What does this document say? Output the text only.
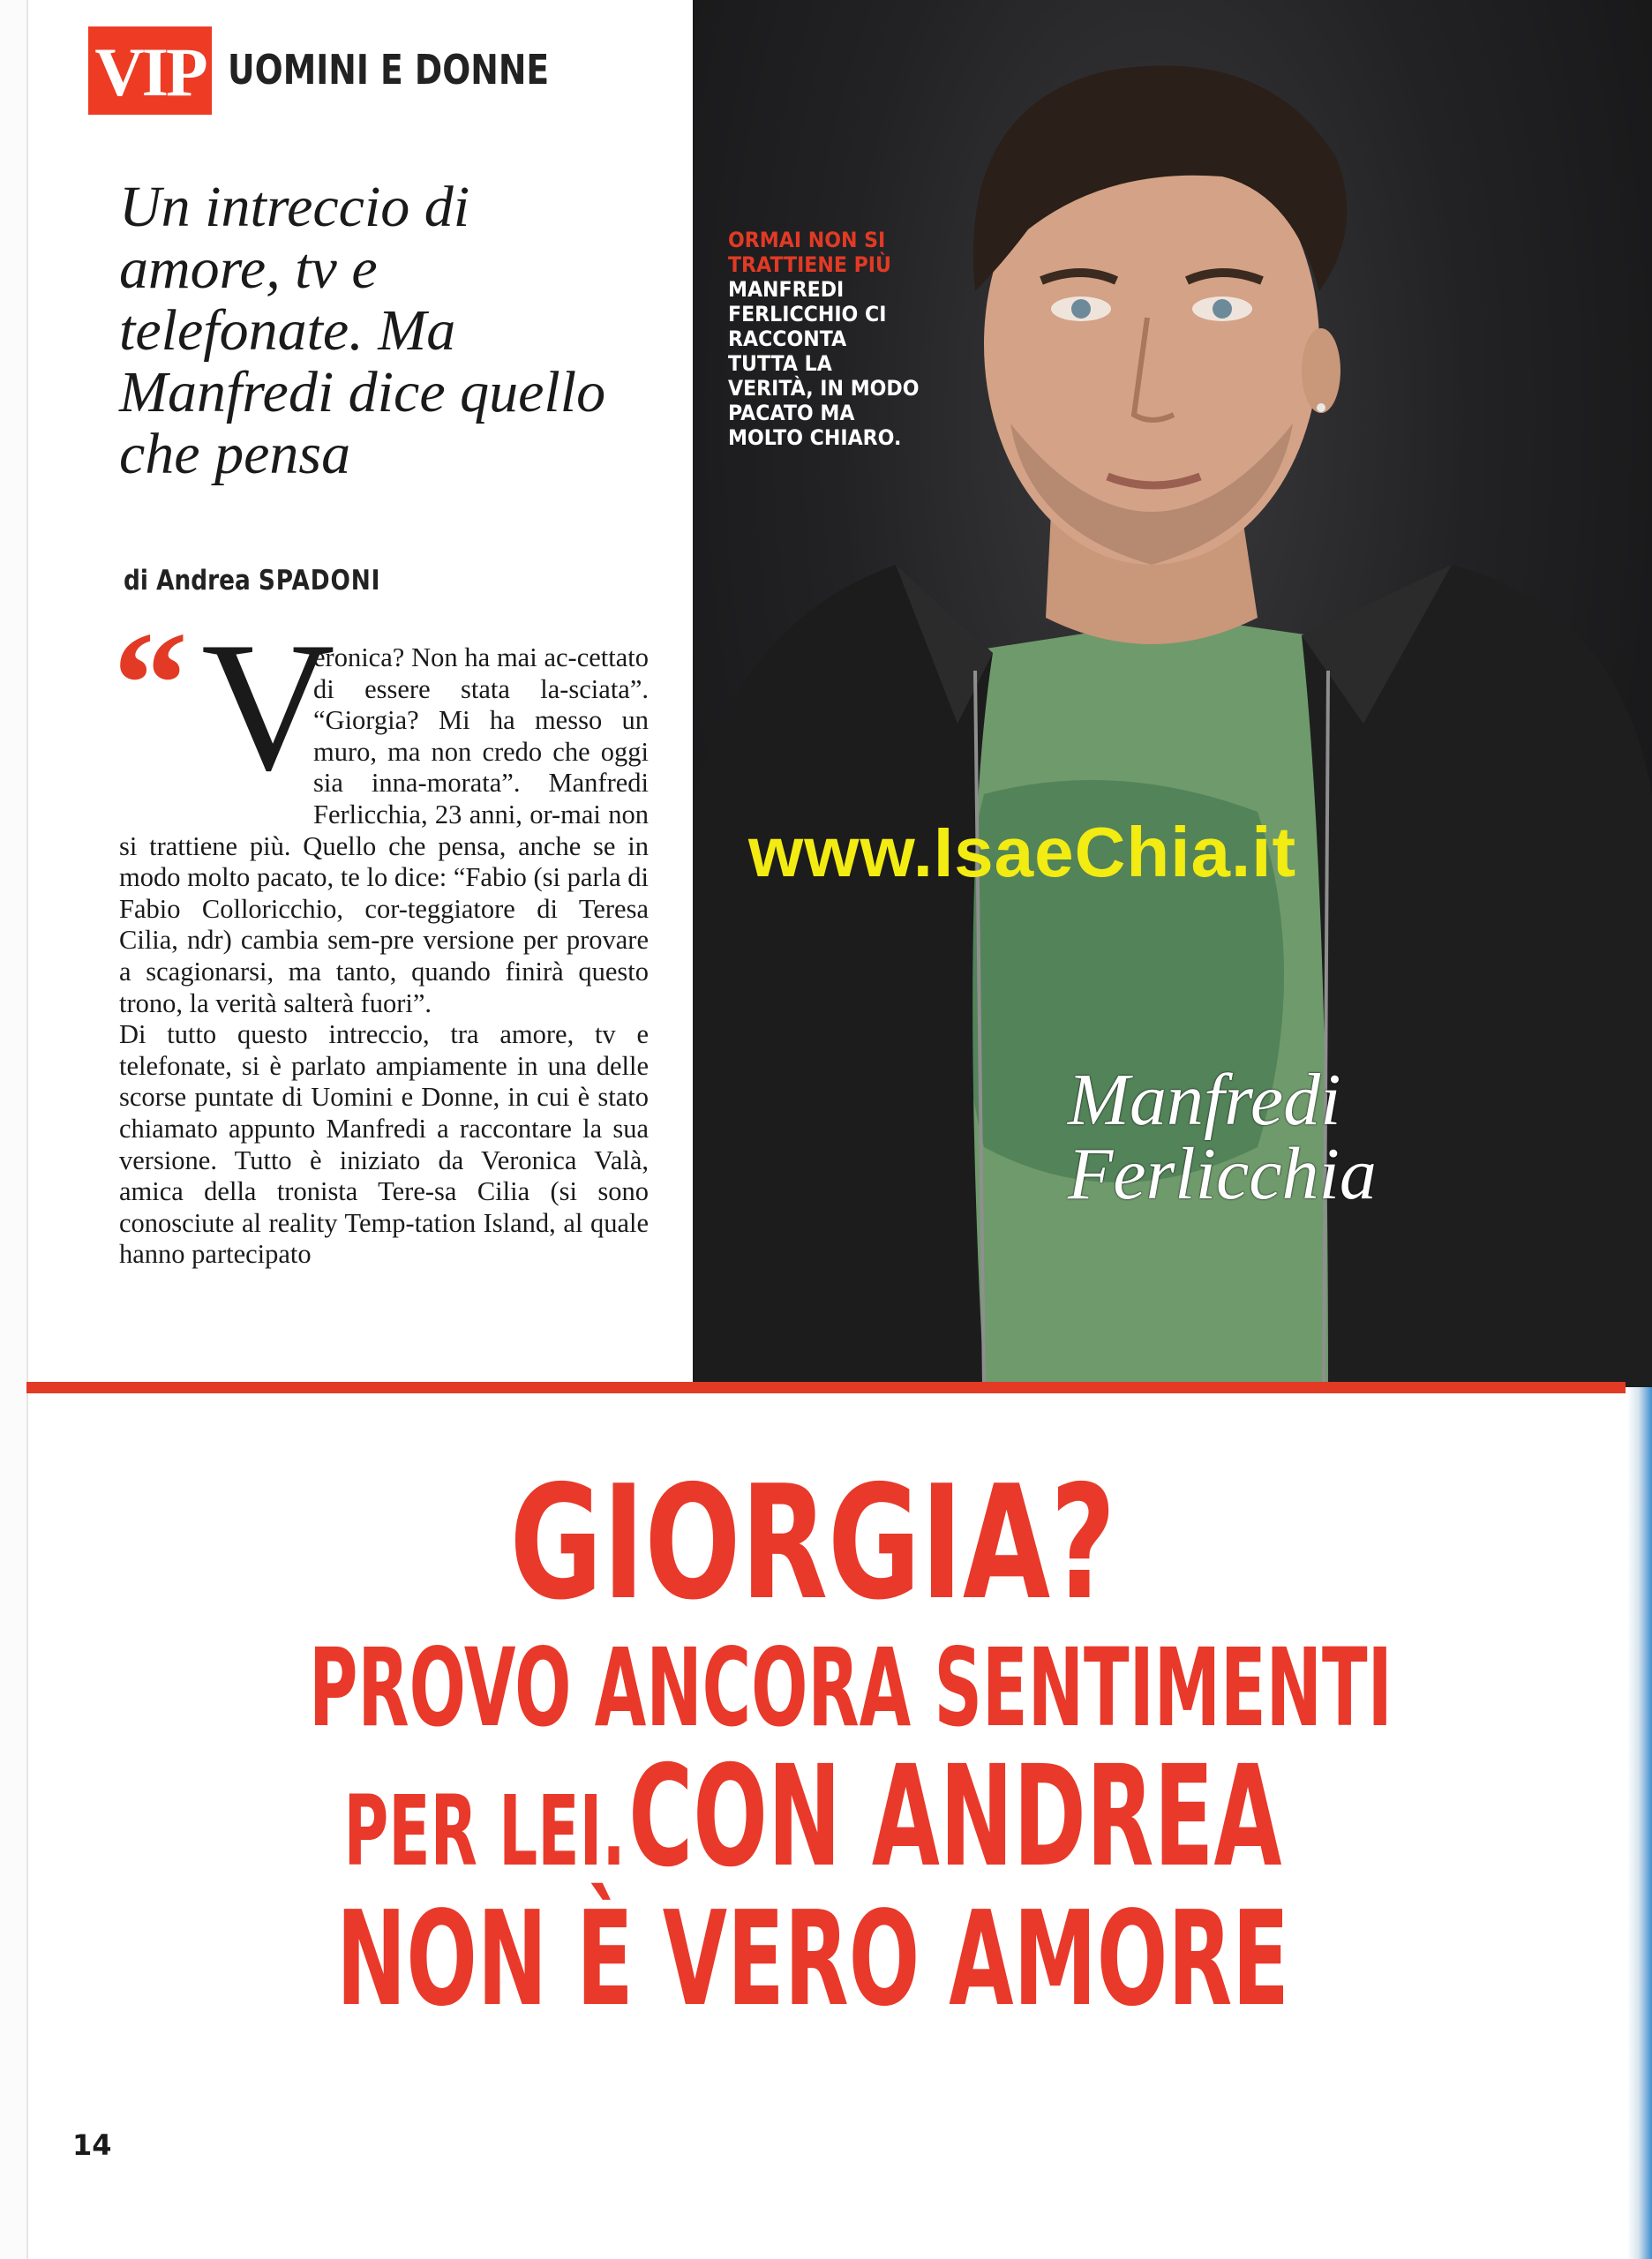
VIP UOMINI E DONNE
Un intreccio di amore, tv e telefonate. Ma Manfredi dice quello che pensa
di Andrea SPADONI
“ V

eronica? Non ha mai ac-cettato di essere stata la-sciata”. “Giorgia? Mi ha messo un muro, ma non credo che oggi sia inna-morata”. Manfredi Ferlicchia, 23 anni, or-mai non si trattiene più. Quello che pensa, anche se in modo molto pacato, te lo dice: “Fabio (si parla di Fabio Colloricchio, cor-teggiatore di Teresa Cilia, ndr) cambia sem-pre versione per provare a scagionarsi, ma tanto, quando finirà questo trono, la verità salterà fuori”.

Di tutto questo intreccio, tra amore, tv e telefonate, si è parlato ampiamente in una delle scorse puntate di Uomini e Donne, in cui è stato chiamato appunto Manfredi a raccontare la sua versione. Tutto è iniziato da Veronica Valà, amica della tronista Tere-sa Cilia (si sono conosciute al reality Temp-tation Island, al quale hanno partecipato

ORMAI NON SI TRATTIENE PIÙ
MANFREDI FERLICCHIO CI RACCONTA TUTTA LA VERITÀ, IN MODO PACATO MA MOLTO CHIARO.
Manfredi
Ferlicchia
www.IsaeChia.it
GIORGIA?
PROVO ANCORA SENTIMENTI
PER LEI. CON ANDREA
NON È VERO AMORE
14
